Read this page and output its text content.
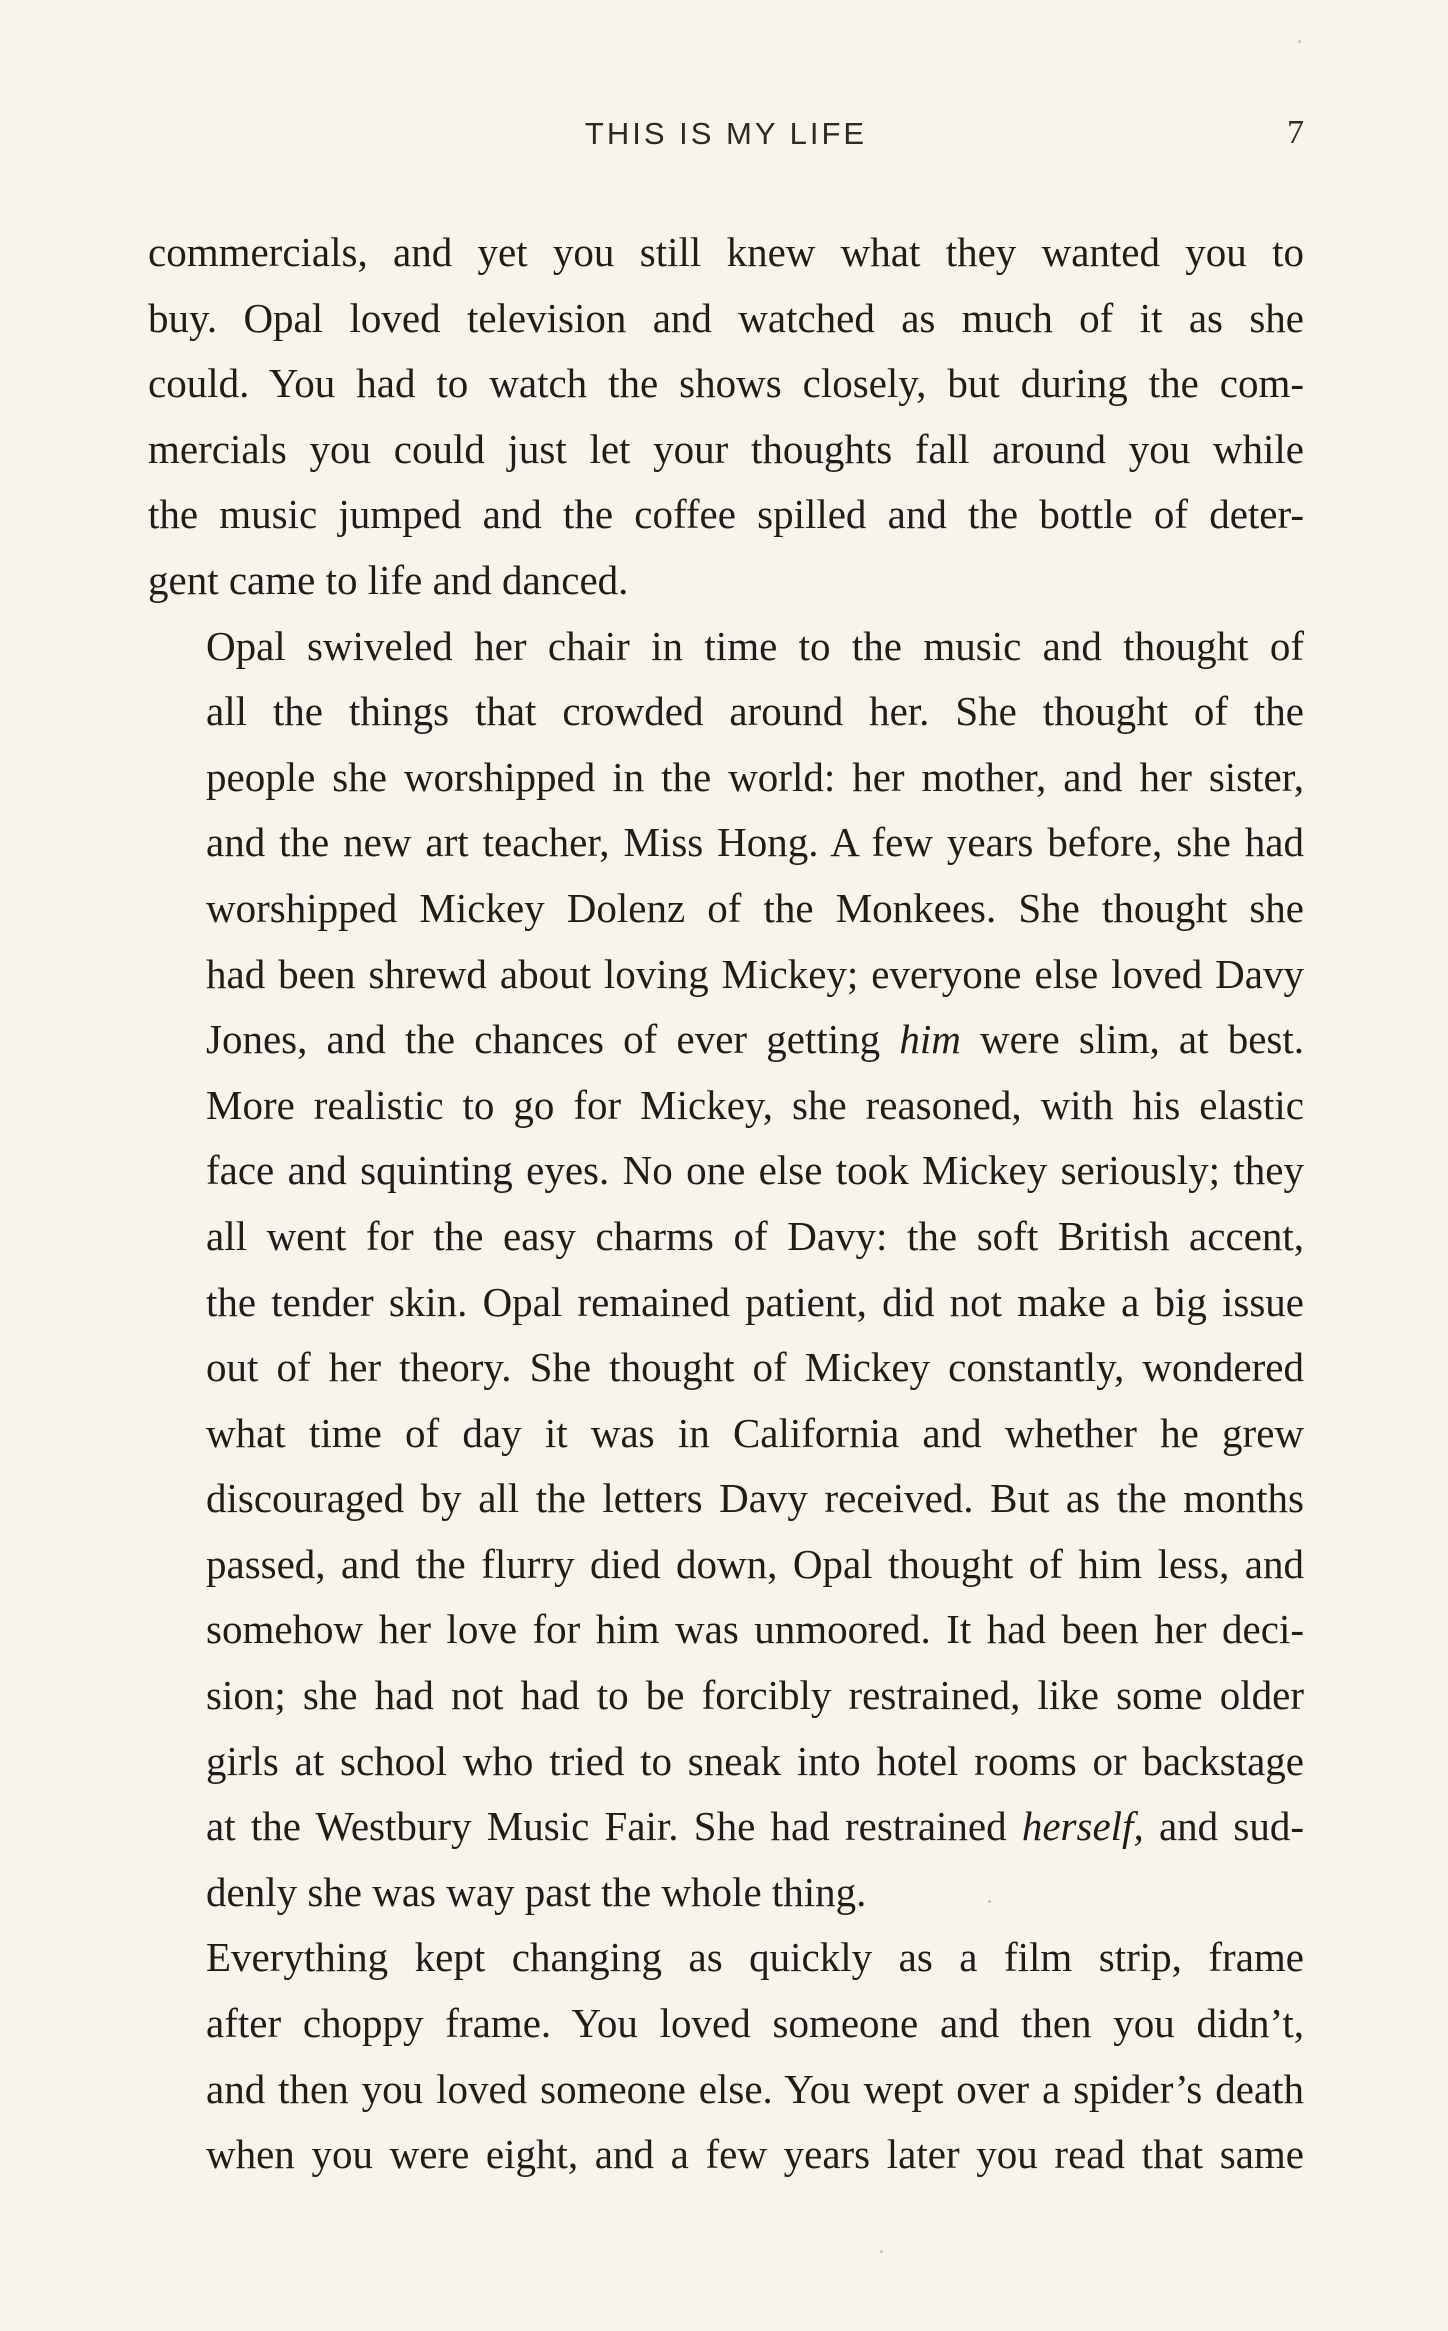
THIS IS MY LIFE	7

commercials, and yet you still knew what they wanted you to
buy. Opal loved television and watched as much of it as she
could. You had to watch the shows closely, but during the com-
mercials you could just let your thoughts fall around you while
the music jumped and the coffee spilled and the bottle of deter-
gent came to life and danced.

Opal swiveled her chair in time to the music and thought of
all the things that crowded around her. She thought of the
people she worshipped in the world: her mother, and her sister,
and the new art teacher, Miss Hong. A few years before, she had
worshipped Mickey Dolenz of the Monkees. She thought she
had been shrewd about loving Mickey; everyone else loved Davy
Jones, and the chances of ever getting him were slim, at best.
More realistic to go for Mickey, she reasoned, with his elastic
face and squinting eyes. No one else took Mickey seriously; they
all went for the easy charms of Davy: the soft British accent,
the tender skin. Opal remained patient, did not make a big issue
out of her theory. She thought of Mickey constantly, wondered
what time of day it was in California and whether he grew
discouraged by all the letters Davy received. But as the months
passed, and the flurry died down, Opal thought of him less, and
somehow her love for him was unmoored. It had been her deci-
sion; she had not had to be forcibly restrained, like some older
girls at school who tried to sneak into hotel rooms or backstage
at the Westbury Music Fair. She had restrained herself, and sud-
denly she was way past the whole thing.

Everything kept changing as quickly as a film strip, frame
after choppy frame. You loved someone and then you didn’t,
and then you loved someone else. You wept over a spider’s death
when you were eight, and a few years later you read that same
